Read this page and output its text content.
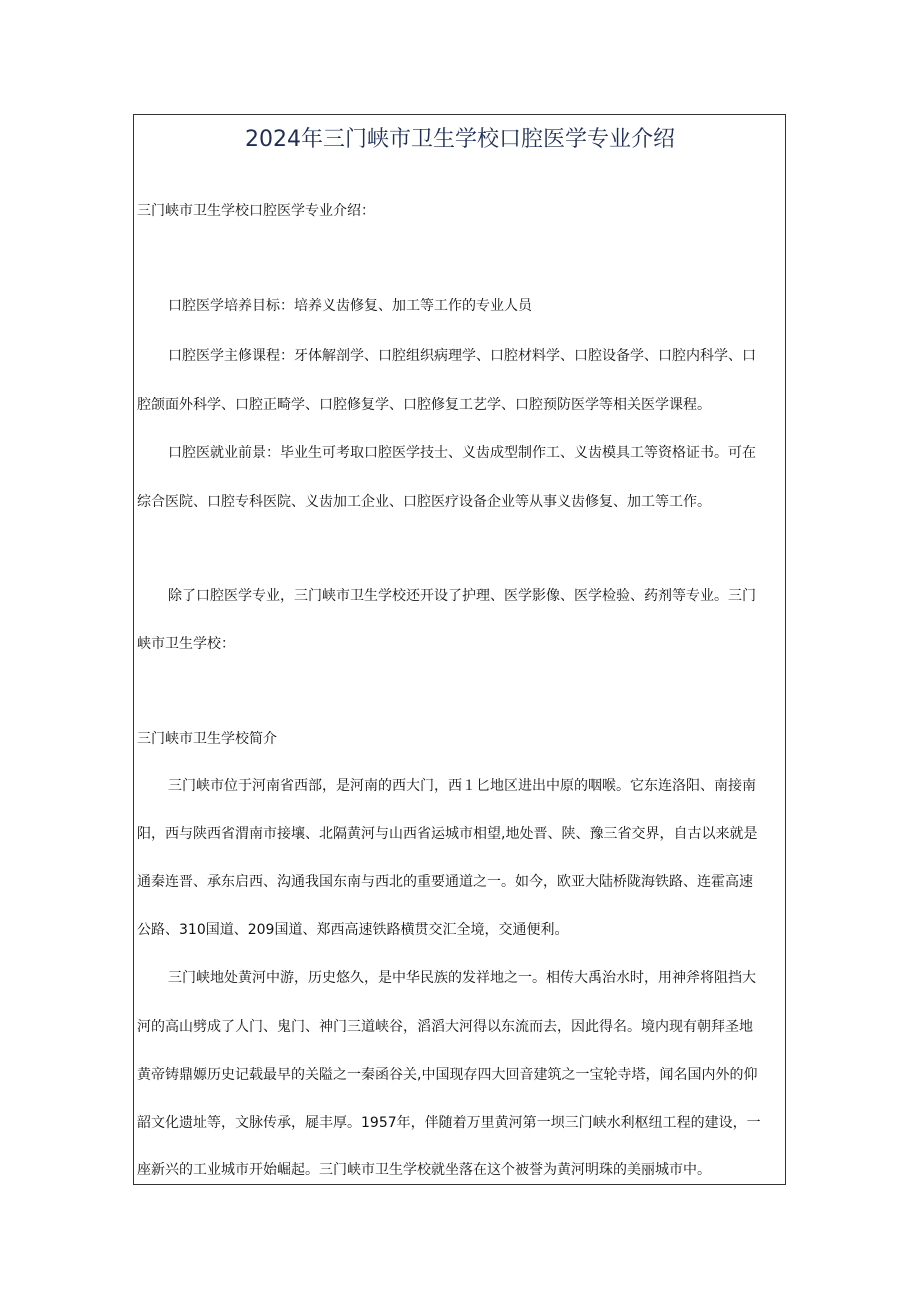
2024年三门峡市卫生学校口腔医学专业介绍

三门峡市卫生学校口腔医学专业介绍：

口腔医学培养目标：培养义齿修复、加工等工作的专业人员

口腔医学主修课程：牙体解剖学、口腔组织病理学、口腔材料学、口腔设备学、口腔内科学、口

腔颌面外科学、口腔正畸学、口腔修复学、口腔修复工艺学、口腔预防医学等相关医学课程。

口腔医就业前景：毕业生可考取口腔医学技士、义齿成型制作工、义齿模具工等资格证书。可在

综合医院、口腔专科医院、义齿加工企业、口腔医疗设备企业等从事义齿修复、加工等工作。

除了口腔医学专业，三门峡市卫生学校还开设了护理、医学影像、医学检验、药剂等专业。三门

峡市卫生学校：

三门峡市卫生学校简介

三门峡市位于河南省西部，是河南的西大门，西１匕地区进出中原的咽喉。它东连洛阳、南接南

阳，西与陕西省渭南市接壤、北隔黄河与山西省运城市相望,地处晋、陕、豫三省交界，自古以来就是

通秦连晋、承东启西、沟通我国东南与西北的重要通道之一。如今，欧亚大陆桥陇海铁路、连霍高速

公路、310国道、209国道、郑西高速铁路横贯交汇全境，交通便利。

三门峡地处黄河中游，历史悠久，是中华民族的发祥地之一。相传大禹治水时，用神斧将阻挡大

河的高山劈成了人门、鬼门、神门三道峡谷，滔滔大河得以东流而去，因此得名。境内现有朝拜圣地

黄帝铸鼎嫄历史记载最早的关隘之一秦函谷关,中国现存四大回音建筑之一宝轮寺塔，闻名国内外的仰

韶文化遗址等，文脉传承，屣丰厚。1957年，伴随着万里黄河第一坝三门峡水利枢纽工程的建设，一

座新兴的工业城市开始崛起。三门峡市卫生学校就坐落在这个被誉为黄河明珠的美丽城市中。
